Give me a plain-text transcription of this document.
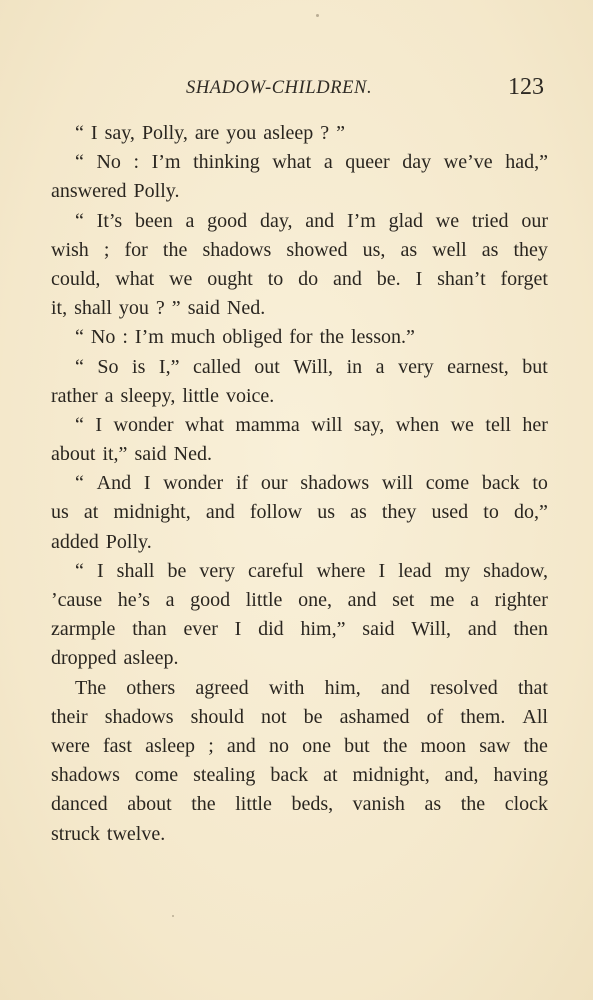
SHADOW-CHILDREN.	123
“ I say, Polly, are you asleep ? ”
“ No : I’m thinking what a queer day we’ve had,”
answered Polly.
“ It’s been a good day, and I’m glad we tried our
wish ; for the shadows showed us, as well as they
could, what we ought to do and be. I shan’t forget
it, shall you ? ” said Ned.
“ No : I’m much obliged for the lesson.”
“ So is I,” called out Will, in a very earnest, but
rather a sleepy, little voice.
“ I wonder what mamma will say, when we tell her
about it,” said Ned.
“ And I wonder if our shadows will come back to
us at midnight, and follow us as they used to do,”
added Polly.
“ I shall be very careful where I lead my shadow,
’cause he’s a good little one, and set me a righter
zarmple than ever I did him,” said Will, and then
dropped asleep.
The others agreed with him, and resolved that
their shadows should not be ashamed of them. All
were fast asleep ; and no one but the moon saw the
shadows come stealing back at midnight, and, having
danced about the little beds, vanish as the clock
struck twelve.
